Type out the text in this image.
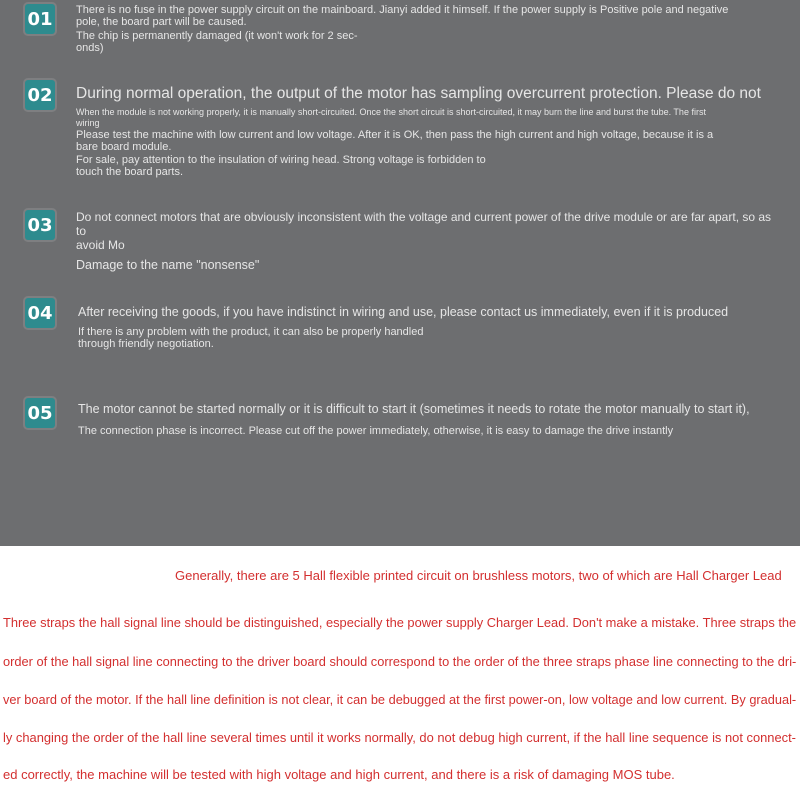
01 There is no fuse in the power supply circuit on the mainboard. Jianyi added it himself. If the power supply is Positive pole and negative
pole, the board part will be caused.
The chip is permanently damaged (it won't work for 2 sec-
onds)
02 During normal operation, the output of the motor has sampling overcurrent protection. Please do not
When the module is not working properly, it is manually short-circuited. Once the short circuit is short-circuited, it may burn the line and burst the tube. The first
wiring
Please test the machine with low current and low voltage. After it is OK, then pass the high current and high voltage, because it is a
bare board module.
For sale, pay attention to the insulation of wiring head. Strong voltage is forbidden to
touch the board parts.
03 Do not connect motors that are obviously inconsistent with the voltage and current power of the drive module or are far apart, so as to
avoid Mo
Damage to the name "nonsense"
04 After receiving the goods, if you have indistinct in wiring and use, please contact us immediately, even if it is produced
If there is any problem with the product, it can also be properly handled
through friendly negotiation.
05 The motor cannot be started normally or it is difficult to start it (sometimes it needs to rotate the motor manually to start it),
The connection phase is incorrect. Please cut off the power immediately, otherwise, it is easy to damage the drive instantly
Generally, there are 5 Hall flexible printed circuit on brushless motors, two of which are Hall Charger Lead
Three straps the hall signal line should be distinguished, especially the power supply Charger Lead. Don't make a mistake. Three straps the
order of the hall signal line connecting to the driver board should correspond to the order of the three straps phase line connecting to the dri-
ver board of the motor. If the hall line definition is not clear, it can be debugged at the first power-on, low voltage and low current. By gradual-
ly changing the order of the hall line several times until it works normally, do not debug high current, if the hall line sequence is not connect-
ed correctly, the machine will be tested with high voltage and high current, and there is a risk of damaging MOS tube.
